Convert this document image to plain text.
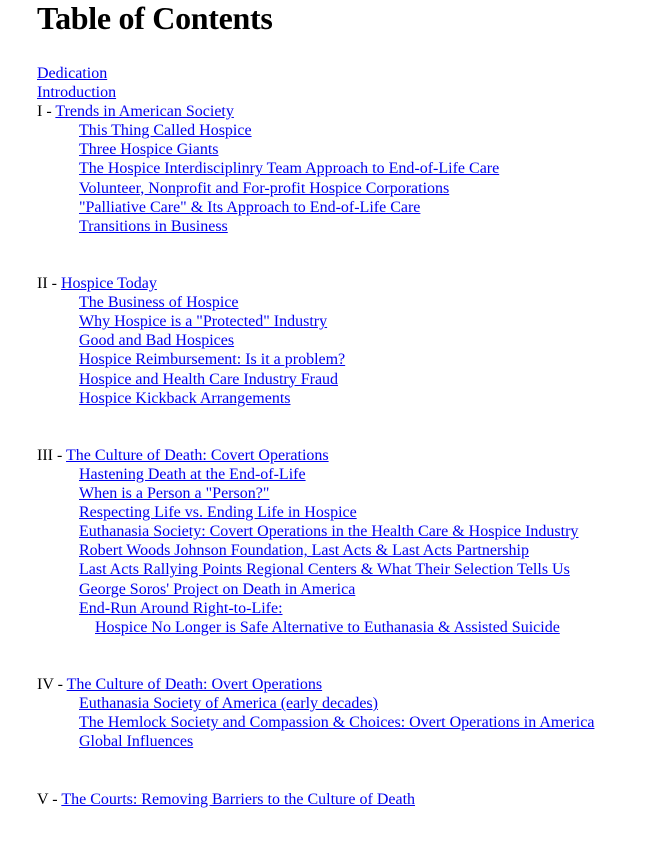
Table of Contents
Dedication
Introduction
I - Trends in American Society
This Thing Called Hospice
Three Hospice Giants
The Hospice Interdisciplinry Team Approach to End-of-Life Care
Volunteer, Nonprofit and For-profit Hospice Corporations
"Palliative Care" & Its Approach to End-of-Life Care
Transitions in Business
II - Hospice Today
The Business of Hospice
Why Hospice is a "Protected" Industry
Good and Bad Hospices
Hospice Reimbursement: Is it a problem?
Hospice and Health Care Industry Fraud
Hospice Kickback Arrangements
III - The Culture of Death: Covert Operations
Hastening Death at the End-of-Life
When is a Person a "Person?"
Respecting Life vs. Ending Life in Hospice
Euthanasia Society: Covert Operations in the Health Care & Hospice Industry
Robert Woods Johnson Foundation, Last Acts & Last Acts Partnership
Last Acts Rallying Points Regional Centers & What Their Selection Tells Us
George Soros' Project on Death in America
End-Run Around Right-to-Life:
Hospice No Longer is Safe Alternative to Euthanasia & Assisted Suicide
IV - The Culture of Death: Overt Operations
Euthanasia Society of America (early decades)
The Hemlock Society and Compassion & Choices: Overt Operations in America
Global Influences
V - The Courts: Removing Barriers to the Culture of Death
